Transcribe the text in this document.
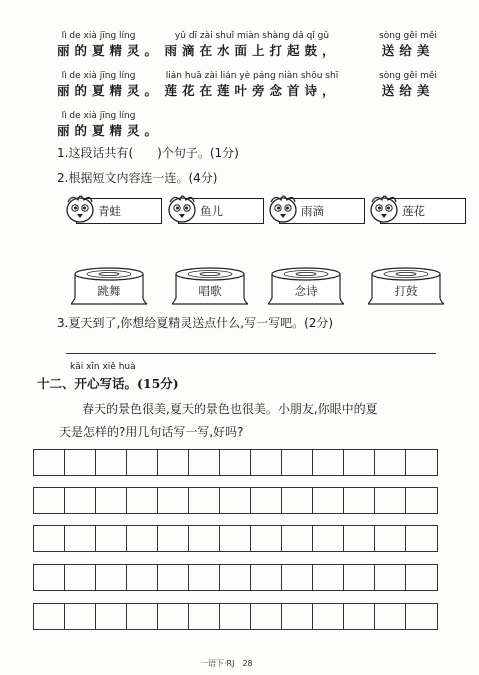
lì de xià jīng líng
丽的夏精灵。
yǔ dī zài shuǐ miàn shàng dǎ qǐ gǔ
雨滴在水面上打起鼓，
sòng gěi měi
送给美
lì de xià jīng líng
丽的夏精灵。
lián huā zài lián yè páng niàn shǒu shī
莲花在莲叶旁念首诗，
sòng gěi měi
送给美
lì de xià jīng líng
丽的夏精灵。
1.这段话共有(　　)个句子。(1分)
2.根据短文内容连一连。(4分)
青蛙	鱼儿	雨滴	莲花
跳舞	唱歌	念诗	打鼓
3.夏天到了,你想给夏精灵送点什么,写一写吧。(2分)
kāi xīn xiě huà
十二、开心写话。(15分)
春天的景色很美,夏天的景色也很美。小朋友,你眼中的夏
天是怎样的?用几句话写一写,好吗?
一语下·RJ　28
